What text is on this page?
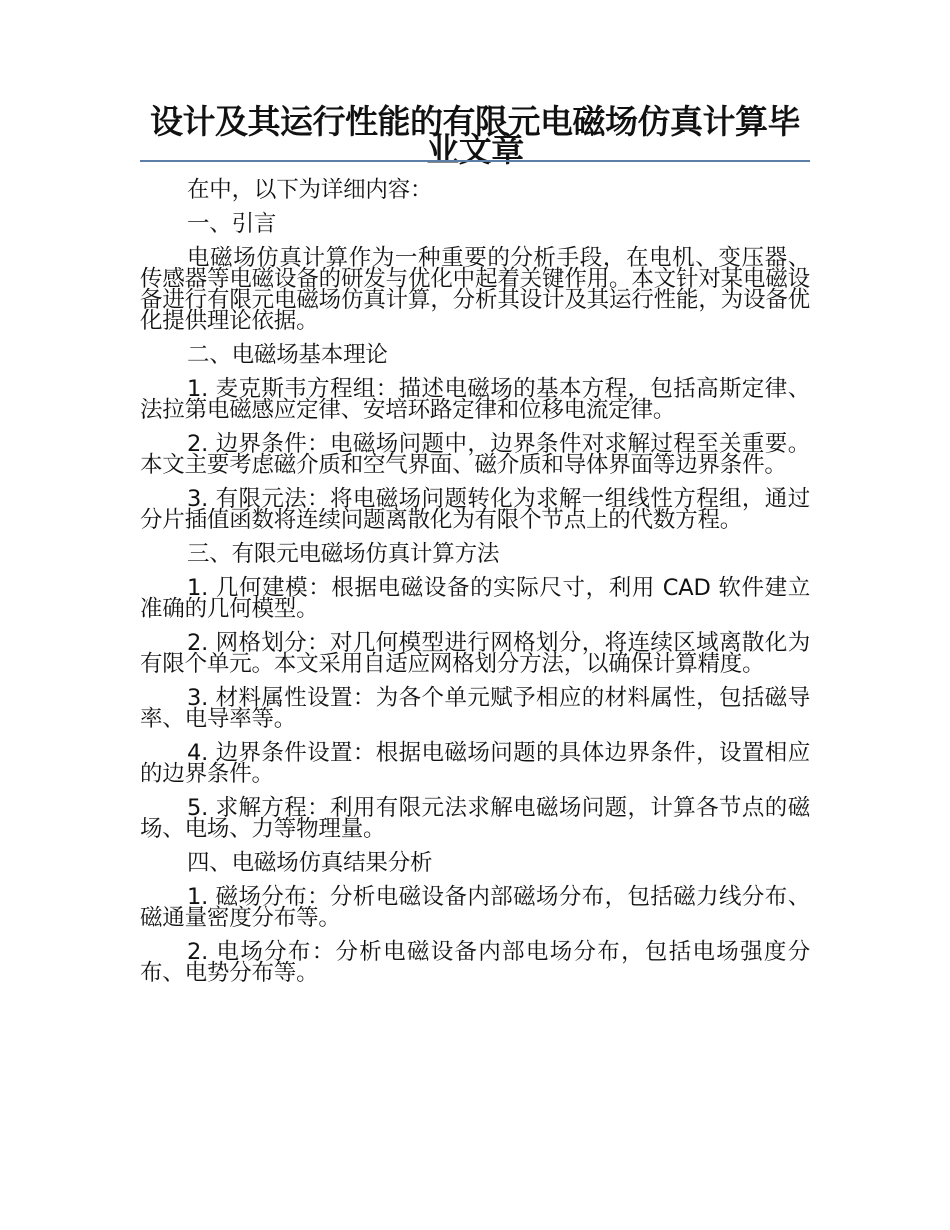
设计及其运行性能的有限元电磁场仿真计算毕业文章

在中，以下为详细内容：

一、引言

电磁场仿真计算作为一种重要的分析手段，在电机、变压器、传感器等电磁设备的研发与优化中起着关键作用。本文针对某电磁设备进行有限元电磁场仿真计算，分析其设计及其运行性能，为设备优化提供理论依据。

二、电磁场基本理论

1. 麦克斯韦方程组：描述电磁场的基本方程，包括高斯定律、法拉第电磁感应定律、安培环路定律和位移电流定律。

2. 边界条件：电磁场问题中，边界条件对求解过程至关重要。本文主要考虑磁介质和空气界面、磁介质和导体界面等边界条件。

3. 有限元法：将电磁场问题转化为求解一组线性方程组，通过分片插值函数将连续问题离散化为有限个节点上的代数方程。

三、有限元电磁场仿真计算方法

1. 几何建模：根据电磁设备的实际尺寸，利用 CAD 软件建立准确的几何模型。

2. 网格划分：对几何模型进行网格划分，将连续区域离散化为有限个单元。本文采用自适应网格划分方法，以确保计算精度。

3. 材料属性设置：为各个单元赋予相应的材料属性，包括磁导率、电导率等。

4. 边界条件设置：根据电磁场问题的具体边界条件，设置相应的边界条件。

5. 求解方程：利用有限元法求解电磁场问题，计算各节点的磁场、电场、力等物理量。

四、电磁场仿真结果分析

1. 磁场分布：分析电磁设备内部磁场分布，包括磁力线分布、磁通量密度分布等。

2. 电场分布：分析电磁设备内部电场分布，包括电场强度分布、电势分布等。
